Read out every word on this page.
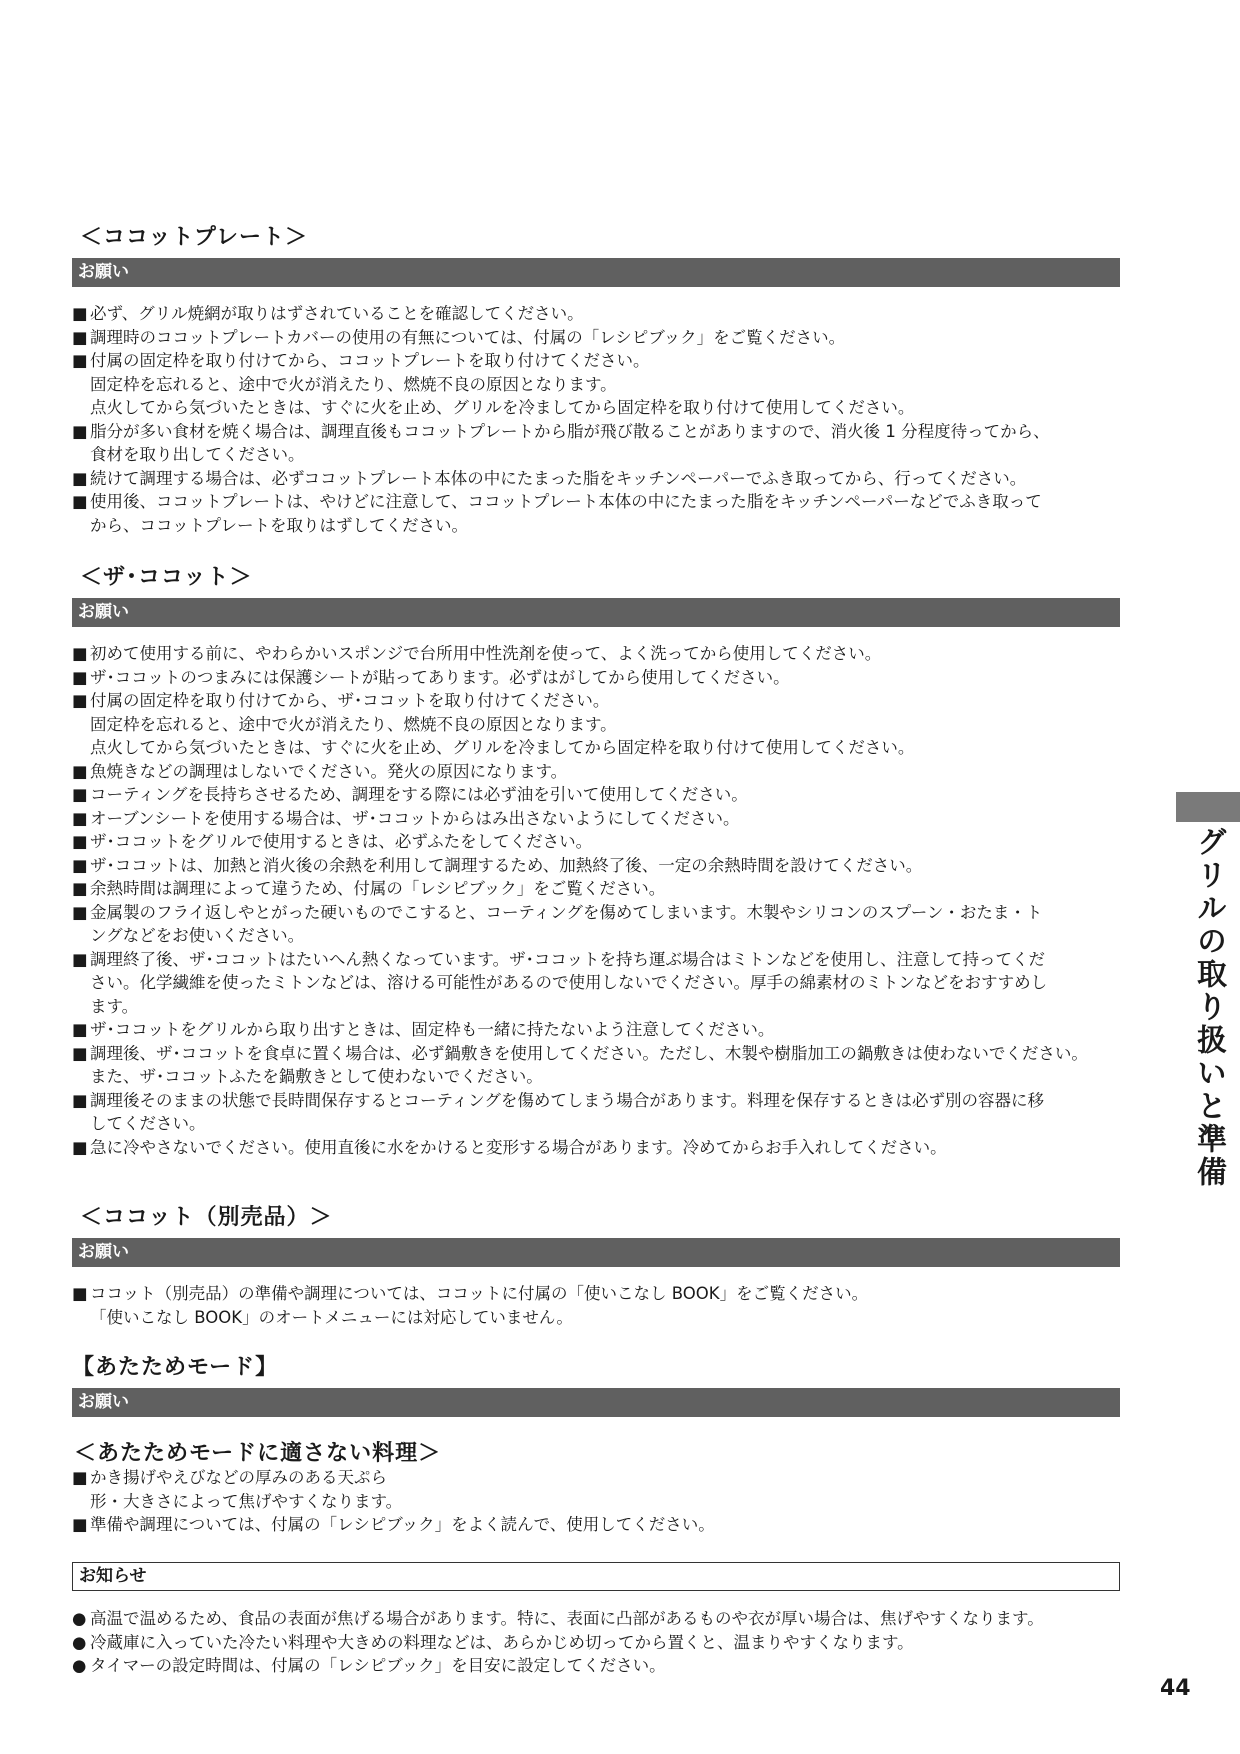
＜ココットプレート＞
お願い
■ 必ず、グリル焼網が取りはずされていることを確認してください。
■ 調理時のココットプレートカバーの使用の有無については、付属の「レシピブック」をご覧ください。
■ 付属の固定枠を取り付けてから、ココットプレートを取り付けてください。
固定枠を忘れると、途中で火が消えたり、燃焼不良の原因となります。
点火してから気づいたときは、すぐに火を止め、グリルを冷ましてから固定枠を取り付けて使用してください。
■ 脂分が多い食材を焼く場合は、調理直後もココットプレートから脂が飛び散ることがありますので、消火後 1 分程度待ってから、
食材を取り出してください。
■ 続けて調理する場合は、必ずココットプレート本体の中にたまった脂をキッチンペーパーでふき取ってから、行ってください。
■ 使用後、ココットプレートは、やけどに注意して、ココットプレート本体の中にたまった脂をキッチンペーパーなどでふき取って
から、ココットプレートを取りはずしてください。
＜ザ･ココット＞
お願い
■ 初めて使用する前に、やわらかいスポンジで台所用中性洗剤を使って、よく洗ってから使用してください。
■ ザ･ココットのつまみには保護シートが貼ってあります。必ずはがしてから使用してください。
■ 付属の固定枠を取り付けてから、ザ･ココットを取り付けてください。
固定枠を忘れると、途中で火が消えたり、燃焼不良の原因となります。
点火してから気づいたときは、すぐに火を止め、グリルを冷ましてから固定枠を取り付けて使用してください。
■ 魚焼きなどの調理はしないでください。発火の原因になります。
■ コーティングを長持ちさせるため、調理をする際には必ず油を引いて使用してください。
■ オーブンシートを使用する場合は、ザ･ココットからはみ出さないようにしてください。
■ ザ･ココットをグリルで使用するときは、必ずふたをしてください。
■ ザ･ココットは、加熱と消火後の余熱を利用して調理するため、加熱終了後、一定の余熱時間を設けてください。
■ 余熱時間は調理によって違うため、付属の「レシピブック」をご覧ください。
■ 金属製のフライ返しやとがった硬いものでこすると、コーティングを傷めてしまいます。木製やシリコンのスプーン・おたま・ト
ングなどをお使いください。
■ 調理終了後、ザ･ココットはたいへん熱くなっています。ザ･ココットを持ち運ぶ場合はミトンなどを使用し、注意して持ってくだ
さい。化学繊維を使ったミトンなどは、溶ける可能性があるので使用しないでください。厚手の綿素材のミトンなどをおすすめし
ます。
■ ザ･ココットをグリルから取り出すときは、固定枠も一緒に持たないよう注意してください。
■ 調理後、ザ･ココットを食卓に置く場合は、必ず鍋敷きを使用してください。ただし、木製や樹脂加工の鍋敷きは使わないでください。
また、ザ･ココットふたを鍋敷きとして使わないでください。
■ 調理後そのままの状態で長時間保存するとコーティングを傷めてしまう場合があります。料理を保存するときは必ず別の容器に移
してください。
■ 急に冷やさないでください。使用直後に水をかけると変形する場合があります。冷めてからお手入れしてください。
＜ココット（別売品）＞
お願い
■ ココット（別売品）の準備や調理については、ココットに付属の「使いこなし BOOK」をご覧ください。
「使いこなし BOOK」のオートメニューには対応していません。
【あたためモード】
お願い
＜あたためモードに適さない料理＞
■ かき揚げやえびなどの厚みのある天ぷら
形・大きさによって焦げやすくなります。
■ 準備や調理については、付属の「レシピブック」をよく読んで、使用してください。
お知らせ
● 高温で温めるため、食品の表面が焦げる場合があります。特に、表面に凸部があるものや衣が厚い場合は、焦げやすくなります。
● 冷蔵庫に入っていた冷たい料理や大きめの料理などは、あらかじめ切ってから置くと、温まりやすくなります。
● タイマーの設定時間は、付属の「レシピブック」を目安に設定してください。
グリルの取り扱いと準備
44
